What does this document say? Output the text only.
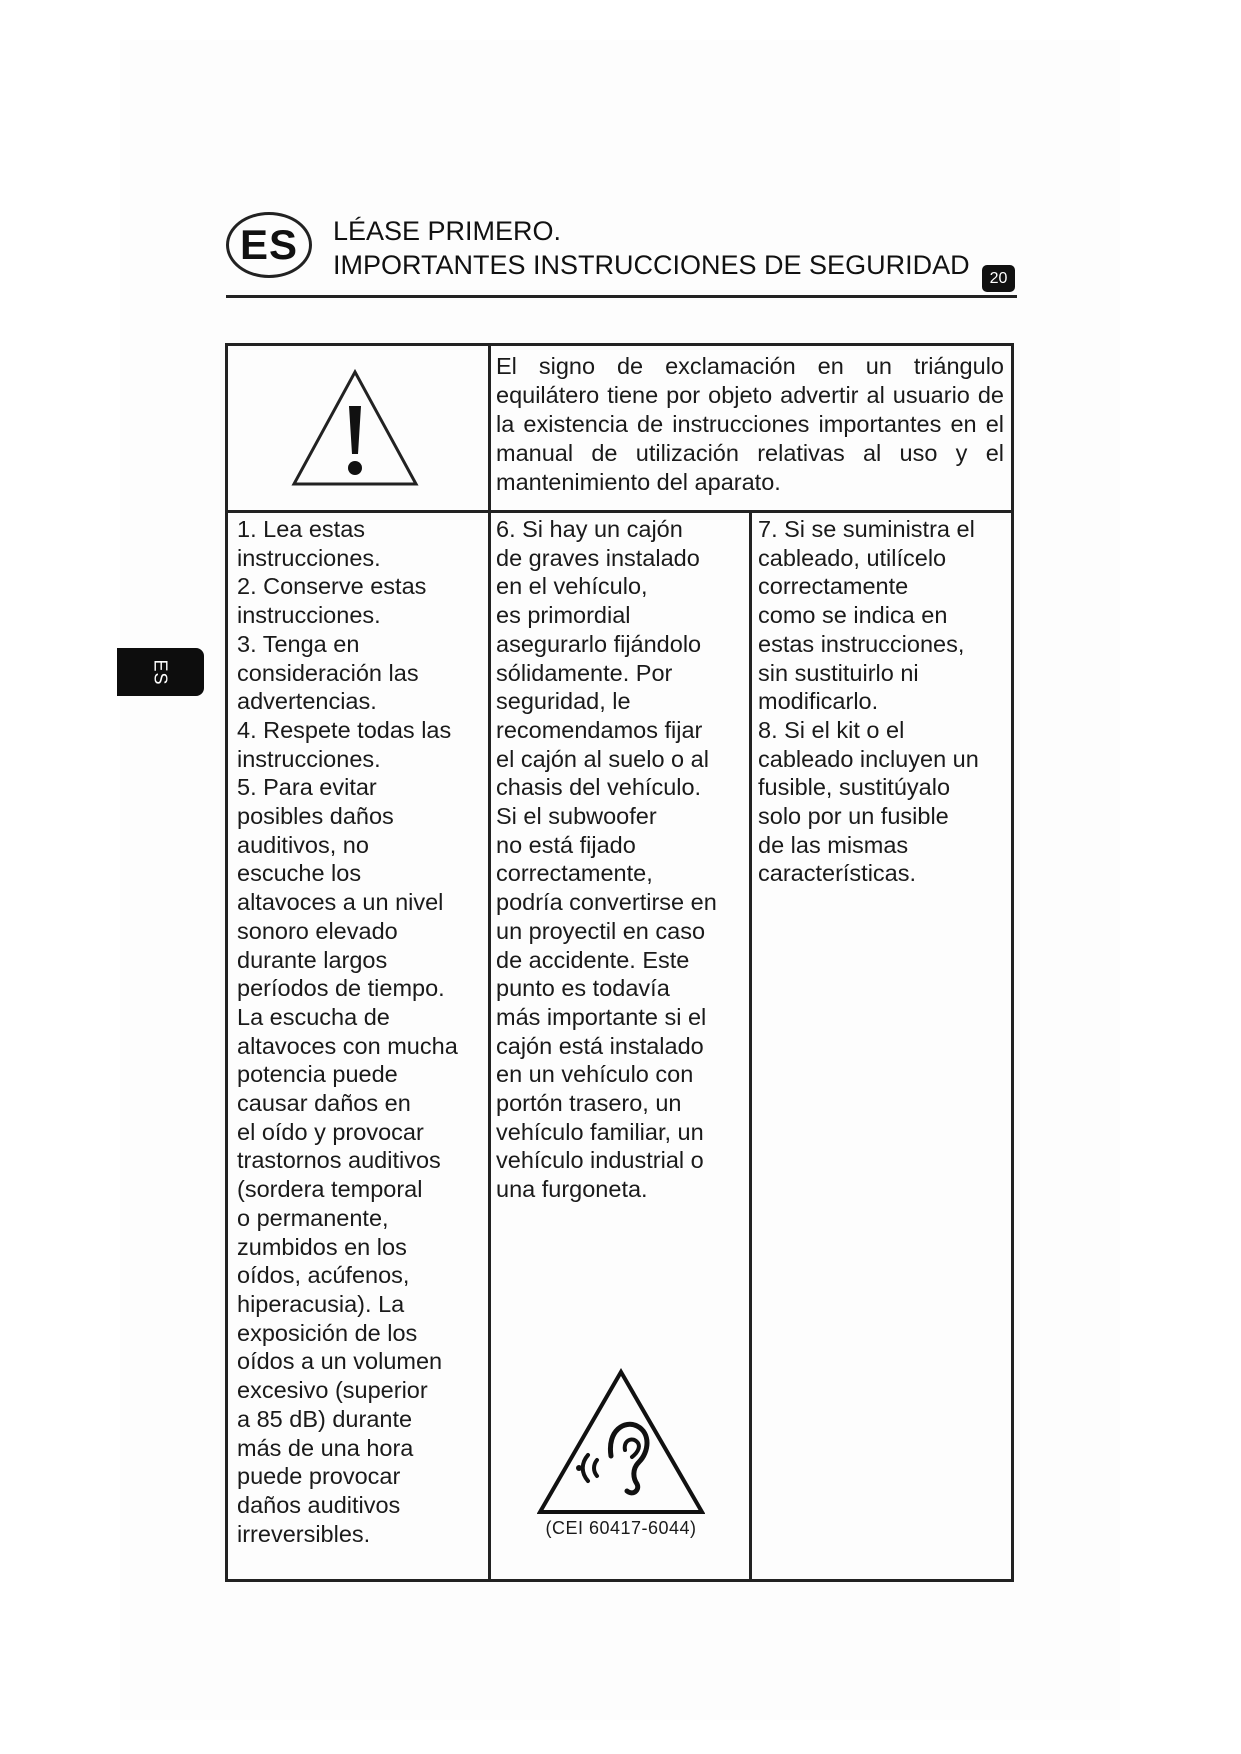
ES	LÉASE PRIMERO.
IMPORTANTES INSTRUCCIONES DE SEGURIDAD	20
ES

El signo de exclamación en un triángulo equilátero tiene por objeto advertir al usuario de la existencia de instrucciones importantes en el manual de utilización relativas al uso y el mantenimiento del aparato.

1. Lea estas
instrucciones.
2. Conserve estas
instrucciones.
3. Tenga en
consideración las
advertencias.
4. Respete todas las
instrucciones.
5. Para evitar
posibles daños
auditivos, no
escuche los
altavoces a un nivel
sonoro elevado
durante largos
períodos de tiempo.
La escucha de
altavoces con mucha
potencia puede
causar daños en
el oído y provocar
trastornos auditivos
(sordera temporal
o permanente,
zumbidos en los
oídos, acúfenos,
hiperacusia). La
exposición de los
oídos a un volumen
excesivo (superior
a 85 dB) durante
más de una hora
puede provocar
daños auditivos
irreversibles.

6. Si hay un cajón
de graves instalado
en el vehículo,
es primordial
asegurarlo fijándolo
sólidamente. Por
seguridad, le
recomendamos fijar
el cajón al suelo o al
chasis del vehículo.
Si el subwoofer
no está fijado
correctamente,
podría convertirse en
un proyectil en caso
de accidente. Este
punto es todavía
más importante si el
cajón está instalado
en un vehículo con
portón trasero, un
vehículo familiar, un
vehículo industrial o
una furgoneta.

7. Si se suministra el
cableado, utilícelo
correctamente
como se indica en
estas instrucciones,
sin sustituirlo ni
modificarlo.
8. Si el kit o el
cableado incluyen un
fusible, sustitúyalo
solo por un fusible
de las mismas
características.

(CEI 60417-6044)
